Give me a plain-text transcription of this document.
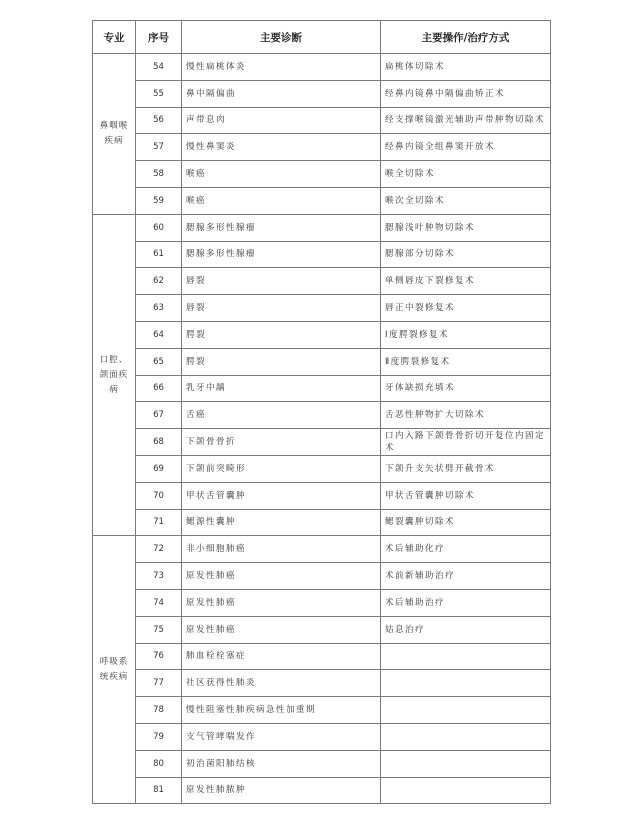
专业	序号	主要诊断	主要操作/治疗方式
鼻咽喉疾病	54	慢性扁桃体炎	扁桃体切除术
	55	鼻中隔偏曲	经鼻内镜鼻中隔偏曲矫正术
	56	声带息肉	经支撑喉镜激光辅助声带肿物切除术
	57	慢性鼻窦炎	经鼻内镜全组鼻窦开放术
	58	喉癌	喉全切除术
	59	喉癌	喉次全切除术
口腔、颌面疾病	60	腮腺多形性腺瘤	腮腺浅叶肿物切除术
	61	腮腺多形性腺瘤	腮腺部分切除术
	62	唇裂	单侧唇皮下裂修复术
	63	唇裂	唇正中裂修复术
	64	腭裂	Ⅰ度腭裂修复术
	65	腭裂	Ⅱ度腭裂修复术
	66	乳牙中龋	牙体缺损充填术
	67	舌癌	舌恶性肿物扩大切除术
	68	下颌骨骨折	口内入路下颌骨骨折切开复位内固定术
	69	下颌前突畸形	下颌升支矢状劈开截骨术
	70	甲状舌管囊肿	甲状舌管囊肿切除术
	71	鳃源性囊肿	鳃裂囊肿切除术
呼吸系统疾病	72	非小细胞肺癌	术后辅助化疗
	73	原发性肺癌	术前新辅助治疗
	74	原发性肺癌	术后辅助治疗
	75	原发性肺癌	姑息治疗
	76	肺血栓栓塞症	
	77	社区获得性肺炎	
	78	慢性阻塞性肺疾病急性加重期	
	79	支气管哮喘发作	
	80	初治菌阳肺结核	
	81	原发性肺脓肿	
